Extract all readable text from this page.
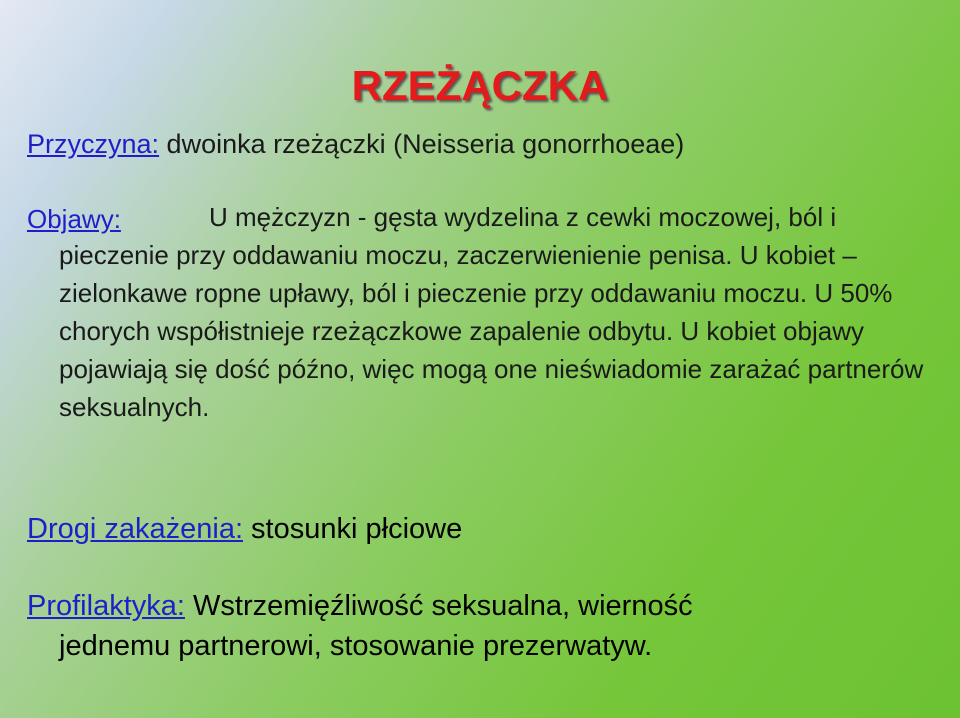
RZEŻĄCZKA

Przyczyna: dwoinka rzeżączki (Neisseria gonorrhoeae)

Objawy:	U mężczyzn - gęsta wydzelina z cewki moczowej, ból i pieczenie przy oddawaniu moczu, zaczerwienienie penisa. U kobiet – zielonkawe ropne upławy, ból i pieczenie przy oddawaniu moczu. U 50% chorych współistnieje rzeżączkowe zapalenie odbytu. U kobiet objawy pojawiają się dość późno, więc mogą one nieświadomie zarażać partnerów seksualnych.

Drogi zakażenia: stosunki płciowe

Profilaktyka: Wstrzemięźliwość seksualna, wierność
jednemu partnerowi, stosowanie prezerwatyw.
